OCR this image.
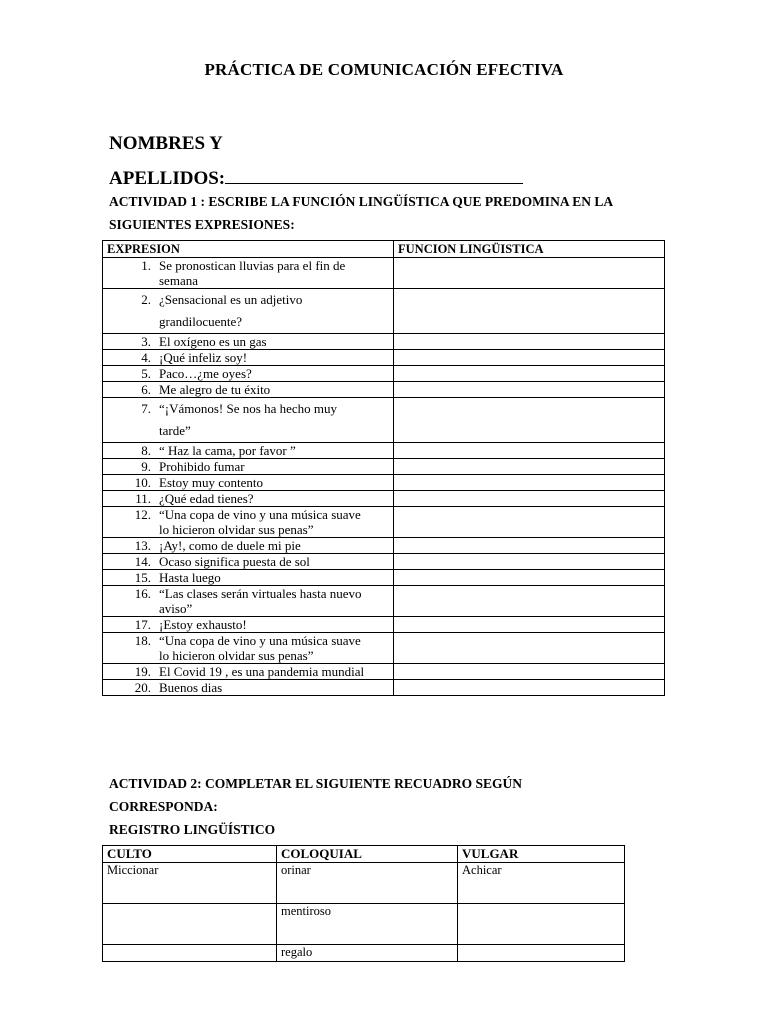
PRÁCTICA DE COMUNICACIÓN EFECTIVA
NOMBRES Y
APELLIDOS:
ACTIVIDAD 1 : ESCRIBE LA FUNCIÓN LINGÜÍSTICA QUE PREDOMINA EN LA
SIGUIENTES EXPRESIONES:
EXPRESION	FUNCION LINGÜISTICA

1. Se pronostican lluvias para el fin de
semana	

2. ¿Sensacional es un adjetivo
grandilocuente?	

3. El oxígeno es un gas	

4. ¡Qué infeliz soy!	

5. Paco…¿me oyes?	

6. Me alegro de tu éxito	

7. “¡Vámonos! Se nos ha hecho muy
tarde”	

8. “ Haz la cama, por favor ”	

9. Prohibido fumar	

10. Estoy muy contento	

11. ¿Qué edad tienes?	

12. “Una copa de vino y una música suave
lo hicieron olvidar sus penas”	

13. ¡Ay!, como de duele mi pie	

14. Ocaso significa puesta de sol	

15. Hasta luego	

16. “Las clases serán virtuales hasta nuevo
aviso”	

17. ¡Estoy exhausto!	

18. “Una copa de vino y una música suave
lo hicieron olvidar sus penas”	

19. El Covid 19 , es una pandemia mundial	

20. Buenos dias	

ACTIVIDAD 2: COMPLETAR EL SIGUIENTE RECUADRO SEGÚN
CORRESPONDA:
REGISTRO LINGÜÍSTICO
CULTO	COLOQUIAL	VULGAR
Miccionar	orinar	Achicar
	mentiroso	
	regalo	
